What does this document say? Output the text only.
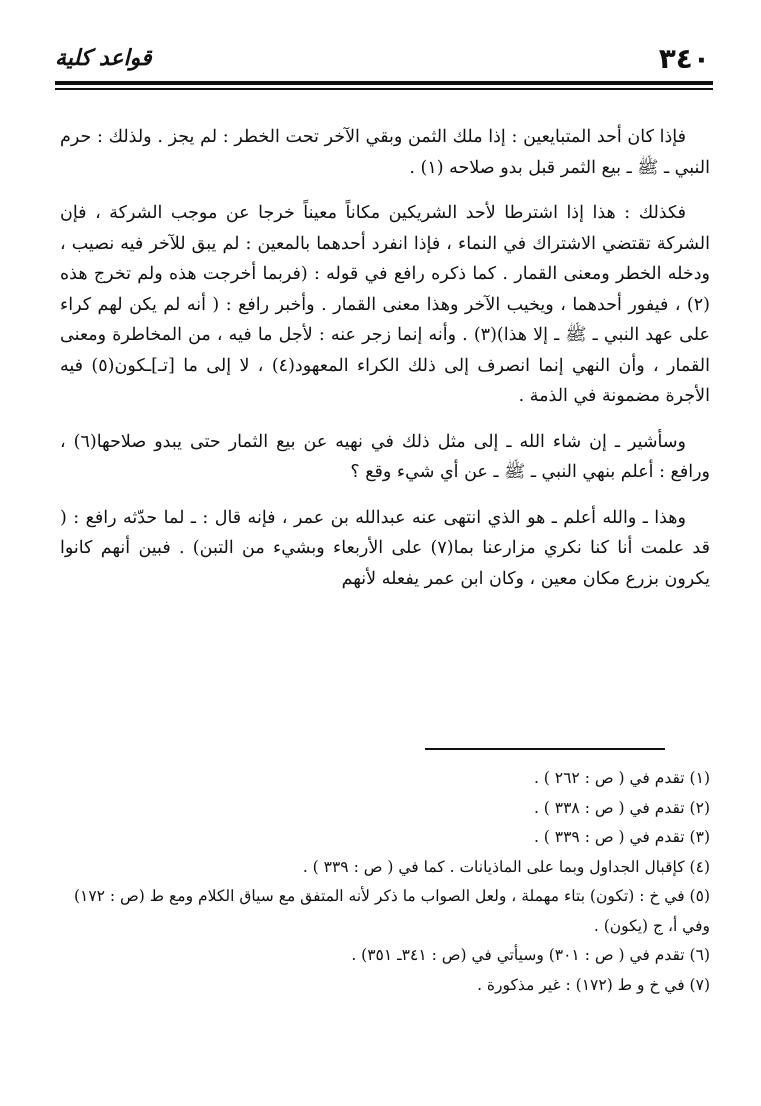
٣٤٠
قواعد كلية

فإذا كان أحد المتبايعين : إذا ملك الثمن وبقي الآخر تحت الخطر : لم يجز . ولذلك : حرم النبي ـ ﷺ ـ بيع الثمر قبل بدو صلاحه (١) .

فكذلك : هذا إذا اشترطا لأحد الشريكين مكاناً معيناً خرجا عن موجب الشركة ، فإن الشركة تقتضي الاشتراك في النماء ، فإذا انفرد أحدهما بالمعين : لم يبق للآخر فيه نصيب ، ودخله الخطر ومعنى القمار . كما ذكره رافع في قوله : (فربما أخرجت هذه ولم تخرج هذه (٢) ، فيفور أحدهما ، ويخيب الآخر وهذا معنى القمار . وأخبر رافع : ( أنه لم يكن لهم كراء على عهد النبي ـ ﷺ ـ إلا هذا)(٣) . وأنه إنما زجر عنه : لأجل ما فيه ، من المخاطرة ومعنى القمار ، وأن النهي إنما انصرف إلى ذلك الكراء المعهود(٤) ، لا إلى ما [تـ]ـكون(٥) فيه الأجرة مضمونة في الذمة .

وسأشير ـ إن شاء الله ـ إلى مثل ذلك في نهيه عن بيع الثمار حتى يبدو صلاحها(٦) ، ورافع : أعلم بنهي النبي ـ ﷺ ـ عن أي شيء وقع ؟

وهذا ـ والله أعلم ـ هو الذي انتهى عنه عبدالله بن عمر ، فإنه قال : ـ لما حدّثه رافع : ( قد علمت أنا كنا نكري مزارعنا بما(٧) على الأربعاء وبشيء من التبن) . فبين أنهم كانوا يكرون بزرع مكان معين ، وكان ابن عمر يفعله لأنهم

(١) تقدم في ( ص : ٢٦٢ ) .
(٢) تقدم في ( ص : ٣٣٨ ) .
(٣) تقدم في ( ص : ٣٣٩ ) .
(٤) كإقبال الجداول وبما على الماذيانات . كما في ( ص : ٣٣٩ ) .
(٥) في خ : (تكون) بتاء مهملة ، ولعل الصواب ما ذكر لأنه المتفق مع سياق الكلام ومع ط (ص : ١٧٢) وفي أ، ج (يكون) .
(٦) تقدم في ( ص : ٣٠١) وسيأتي في (ص : ٣٤١ـ ٣٥١) .
(٧) في خ و ط (١٧٢) : غير مذكورة .
